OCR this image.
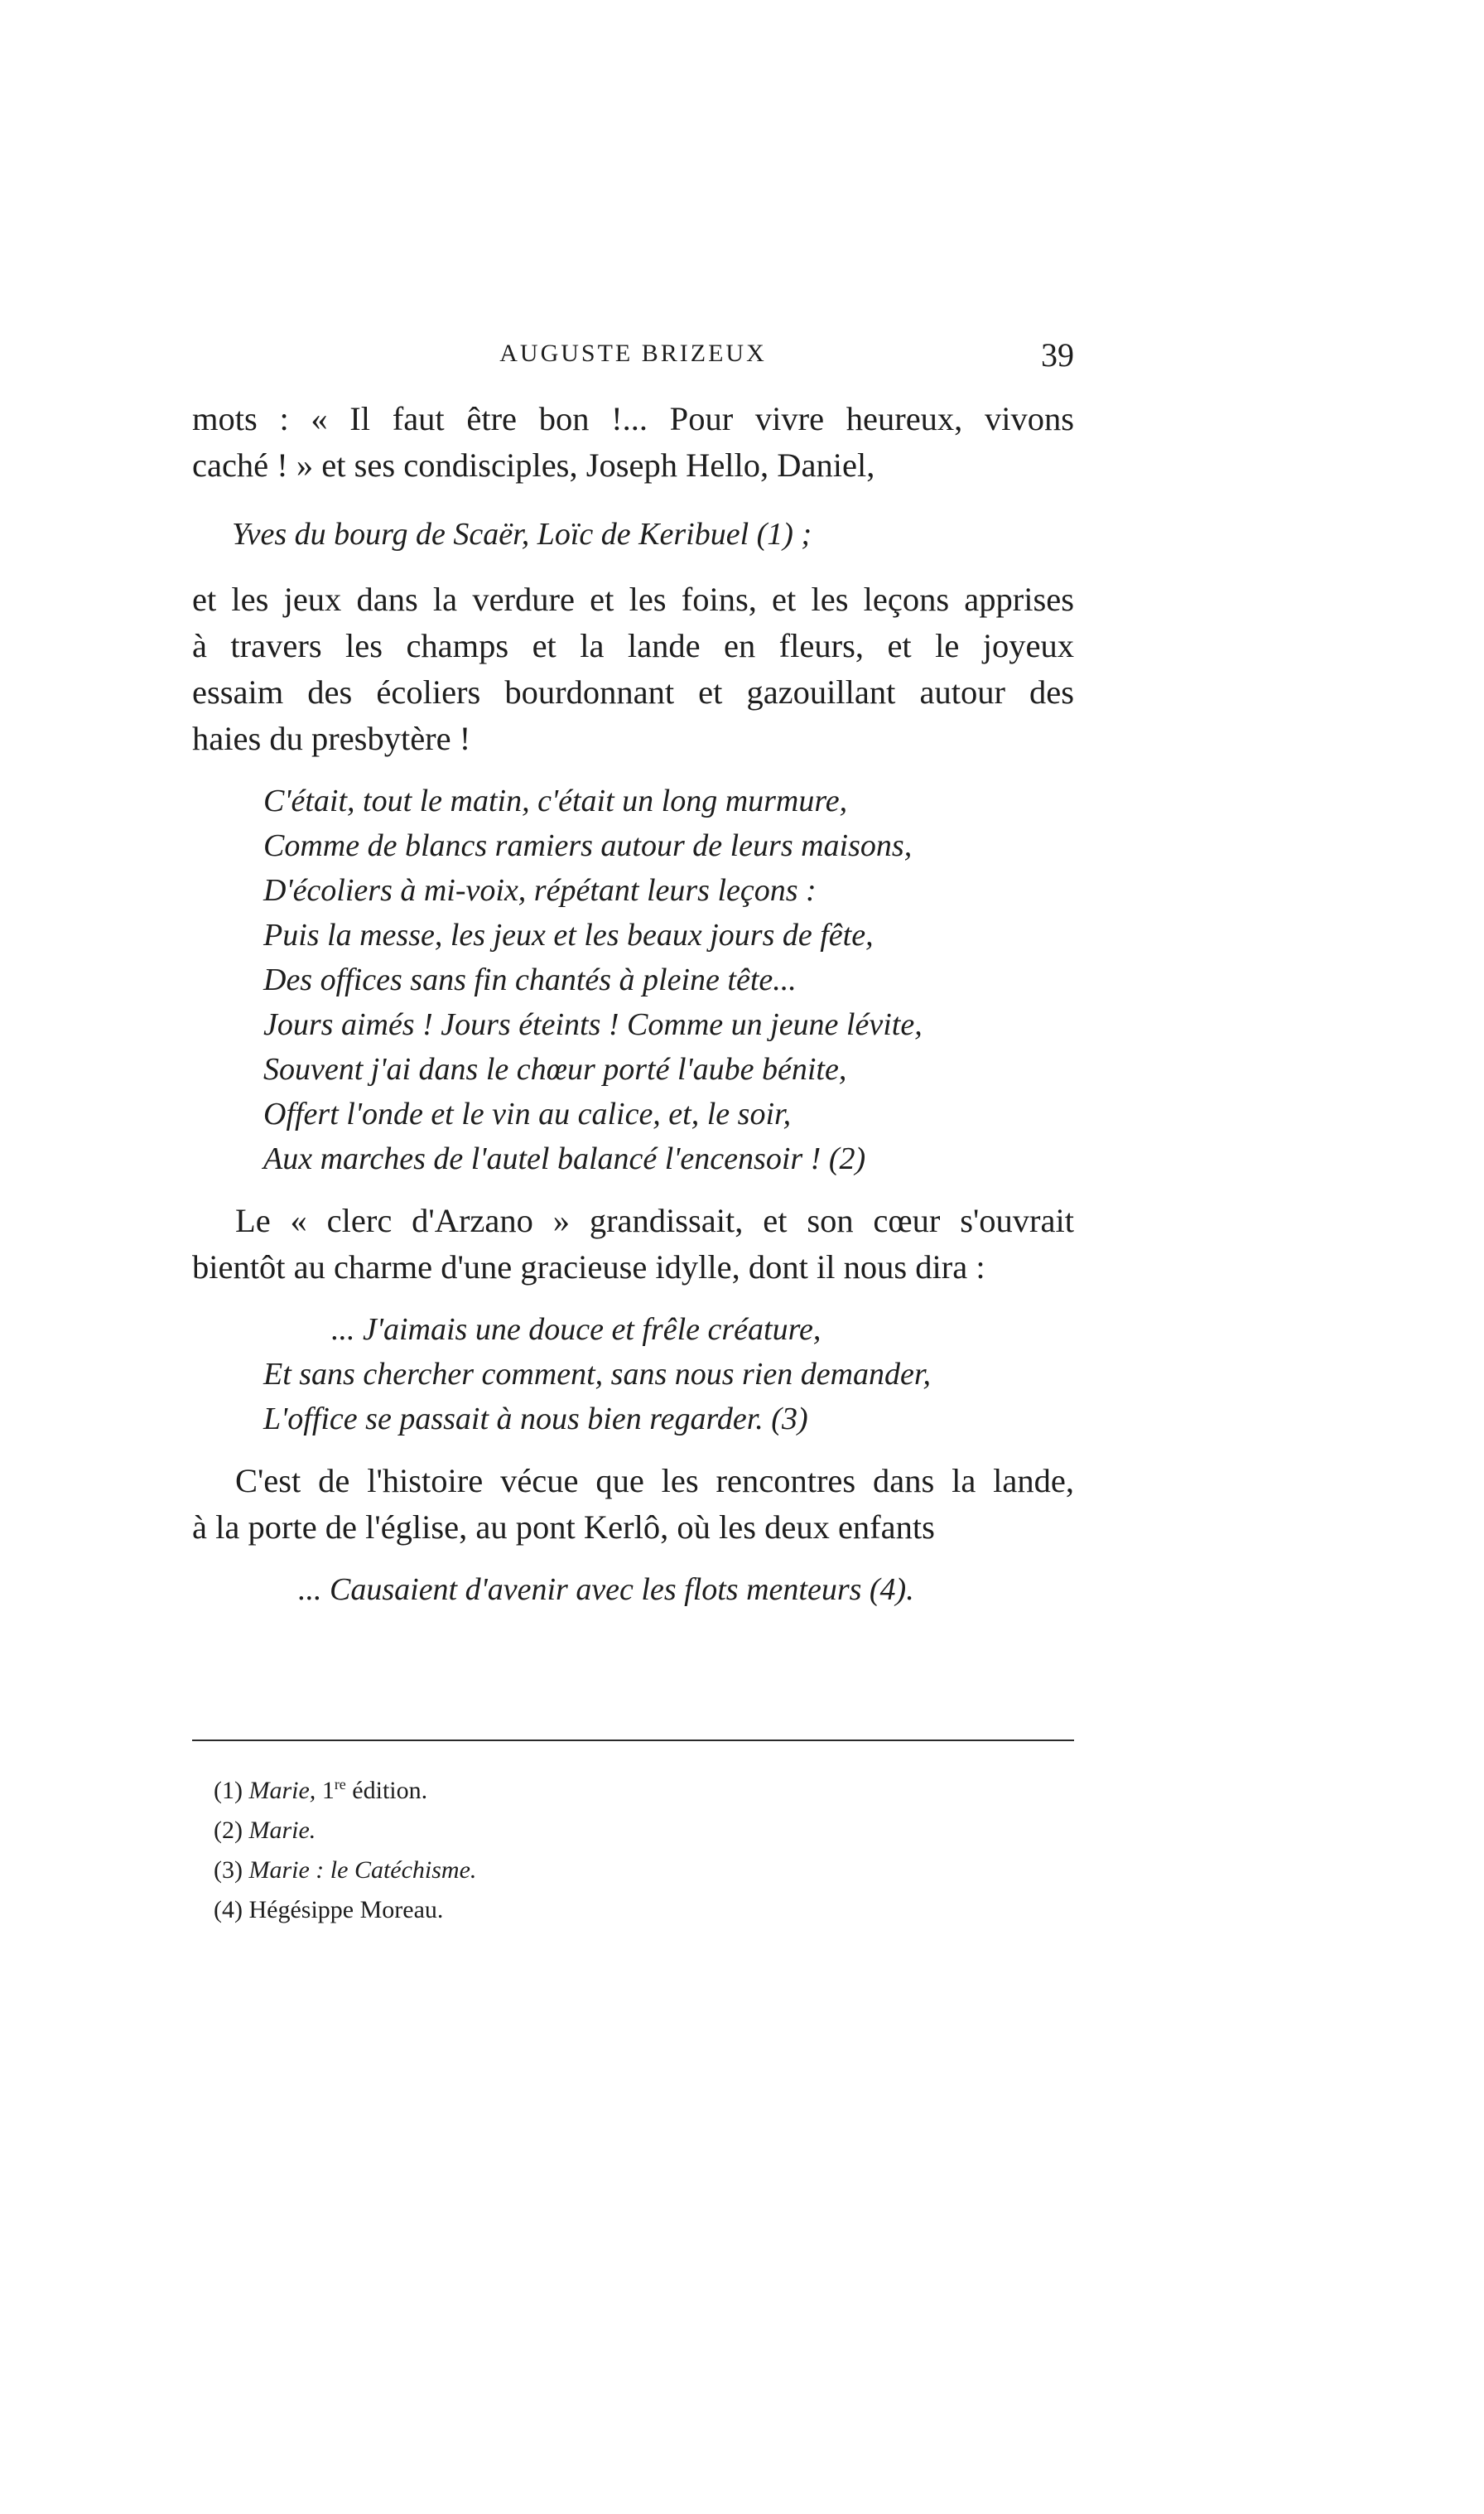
AUGUSTE BRIZEUX	39

mots : « Il faut être bon !... Pour vivre heureux, vivons
caché ! » et ses condisciples, Joseph Hello, Daniel,

Yves du bourg de Scaër, Loïc de Keribuel (1) ;

et les jeux dans la verdure et les foins, et les leçons apprises
à travers les champs et la lande en fleurs, et le joyeux
essaim des écoliers bourdonnant et gazouillant autour des
haies du presbytère !

C'était, tout le matin, c'était un long murmure,
Comme de blancs ramiers autour de leurs maisons,
D'écoliers à mi-voix, répétant leurs leçons :
Puis la messe, les jeux et les beaux jours de fête,
Des offices sans fin chantés à pleine tête...
Jours aimés ! Jours éteints ! Comme un jeune lévite,
Souvent j'ai dans le chœur porté l'aube bénite,
Offert l'onde et le vin au calice, et, le soir,
Aux marches de l'autel balancé l'encensoir ! (2)

Le « clerc d'Arzano » grandissait, et son cœur s'ouvrait
bientôt au charme d'une gracieuse idylle, dont il nous dira :

... J'aimais une douce et frêle créature,
Et sans chercher comment, sans nous rien demander,
L'office se passait à nous bien regarder. (3)

C'est de l'histoire vécue que les rencontres dans la lande,
à la porte de l'église, au pont Kerlô, où les deux enfants

... Causaient d'avenir avec les flots menteurs (4).
(1) Marie, 1re édition.
(2) Marie.
(3) Marie : le Catéchisme.
(4) Hégésippe Moreau.
